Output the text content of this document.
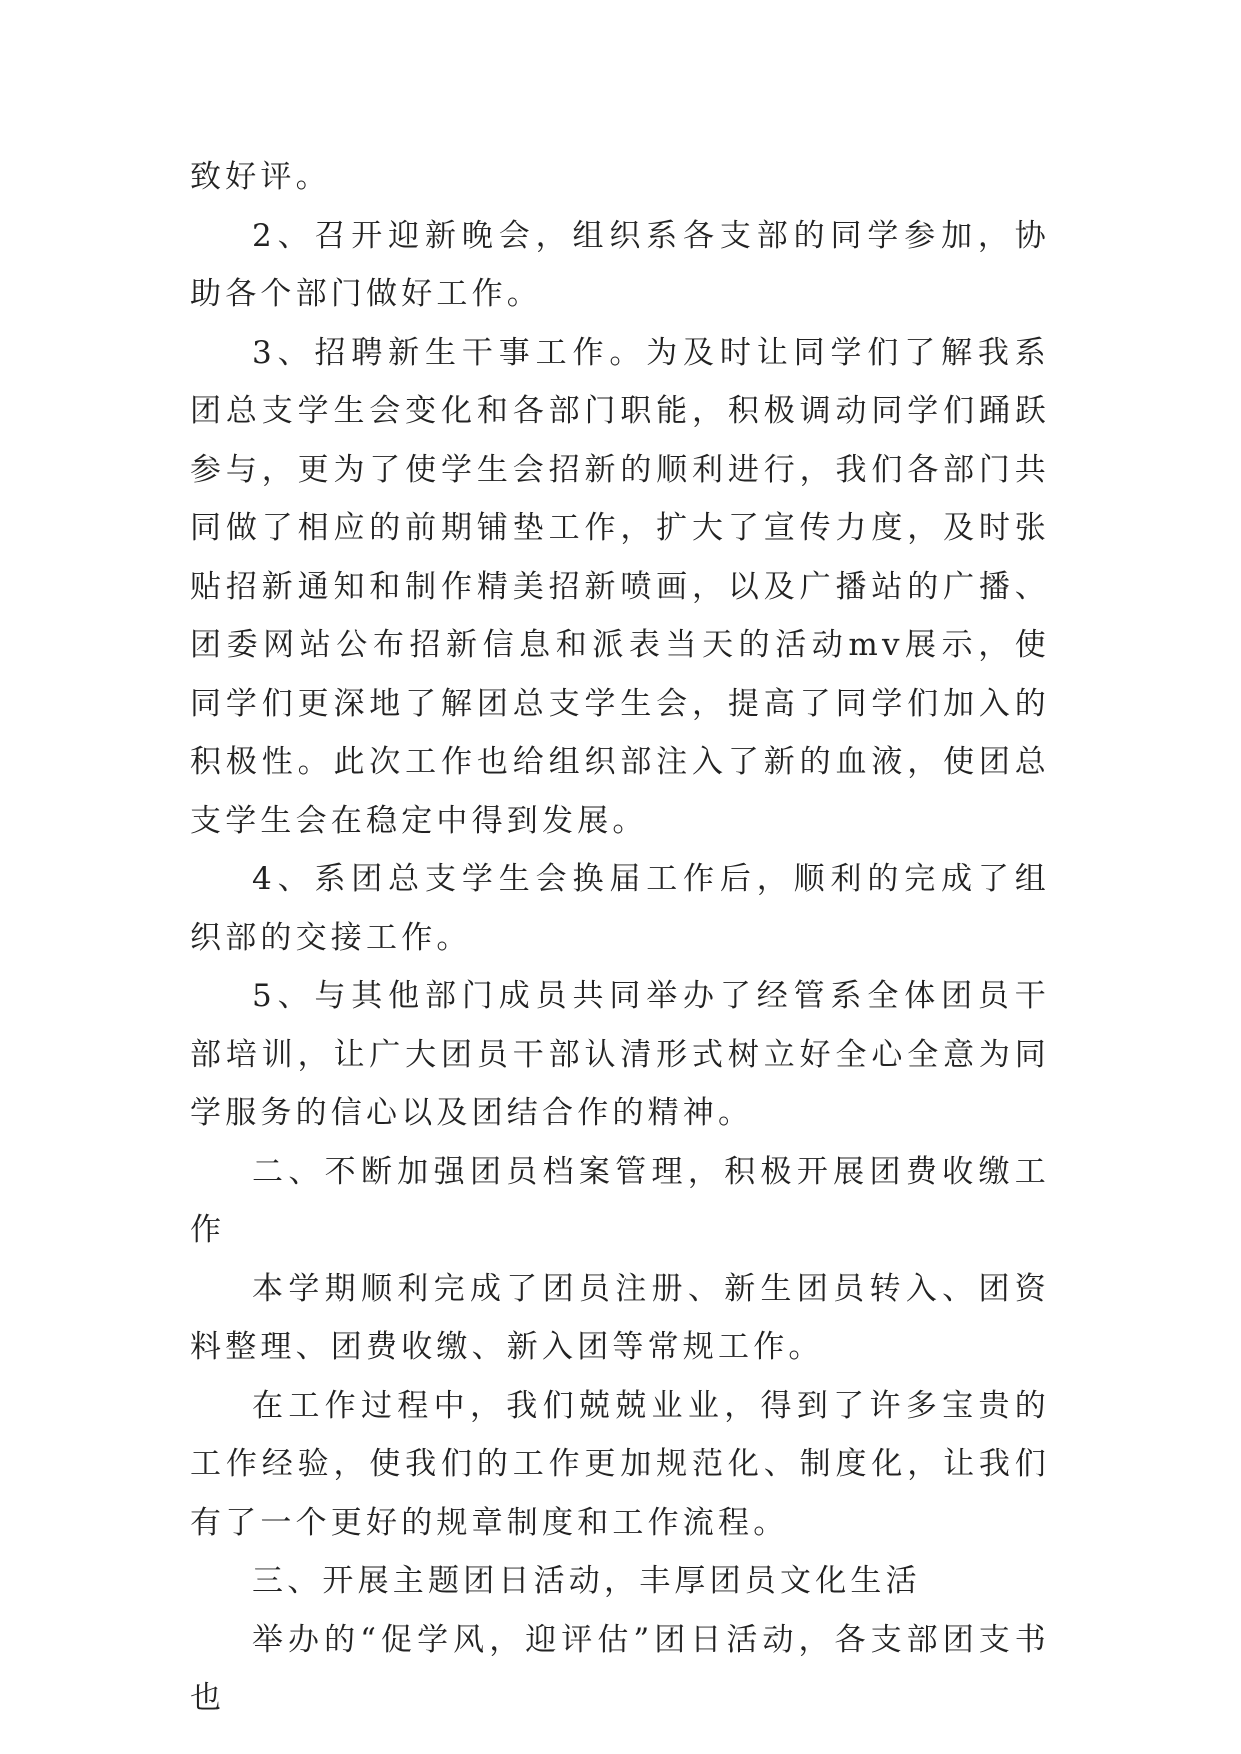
致好评。

2、召开迎新晚会，组织系各支部的同学参加，协助各个部门做好工作。

3、招聘新生干事工作。为及时让同学们了解我系团总支学生会变化和各部门职能，积极调动同学们踊跃参与，更为了使学生会招新的顺利进行，我们各部门共同做了相应的前期铺垫工作，扩大了宣传力度，及时张贴招新通知和制作精美招新喷画，以及广播站的广播、团委网站公布招新信息和派表当天的活动mv展示，使同学们更深地了解团总支学生会，提高了同学们加入的积极性。此次工作也给组织部注入了新的血液，使团总支学生会在稳定中得到发展。

4、系团总支学生会换届工作后，顺利的完成了组织部的交接工作。

5、与其他部门成员共同举办了经管系全体团员干部培训，让广大团员干部认清形式树立好全心全意为同学服务的信心以及团结合作的精神。

二、不断加强团员档案管理，积极开展团费收缴工作

本学期顺利完成了团员注册、新生团员转入、团资料整理、团费收缴、新入团等常规工作。

在工作过程中，我们兢兢业业，得到了许多宝贵的工作经验，使我们的工作更加规范化、制度化，让我们有了一个更好的规章制度和工作流程。

三、开展主题团日活动，丰厚团员文化生活

举办的“促学风，迎评估”团日活动，各支部团支书也
